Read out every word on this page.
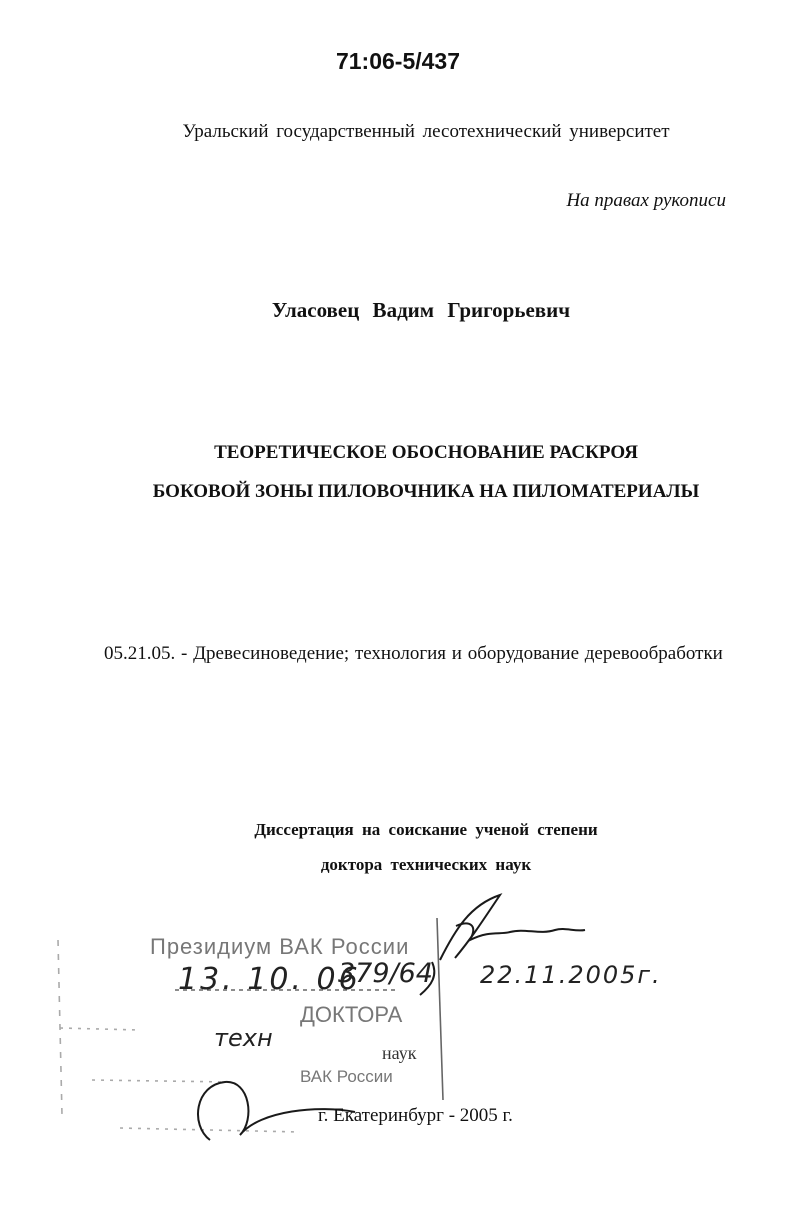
71:06-5/437
Уральский государственный лесотехнический университет
На правах рукописи
Уласовец Вадим Григорьевич
ТЕОРЕТИЧЕСКОЕ ОБОСНОВАНИЕ РАСКРОЯ
БОКОВОЙ ЗОНЫ ПИЛОВОЧНИКА НА ПИЛОМАТЕРИАЛЫ
05.21.05. - Древесиноведение; технология и оборудование деревообработки
Диссертация на соискание ученой степени
доктора технических наук
Президиум ВАК России
13. 10. 06
379/64 22.11.2005г.
ДОКТОРА
техн
наук
ВАК России
г. Екатеринбург - 2005 г.
